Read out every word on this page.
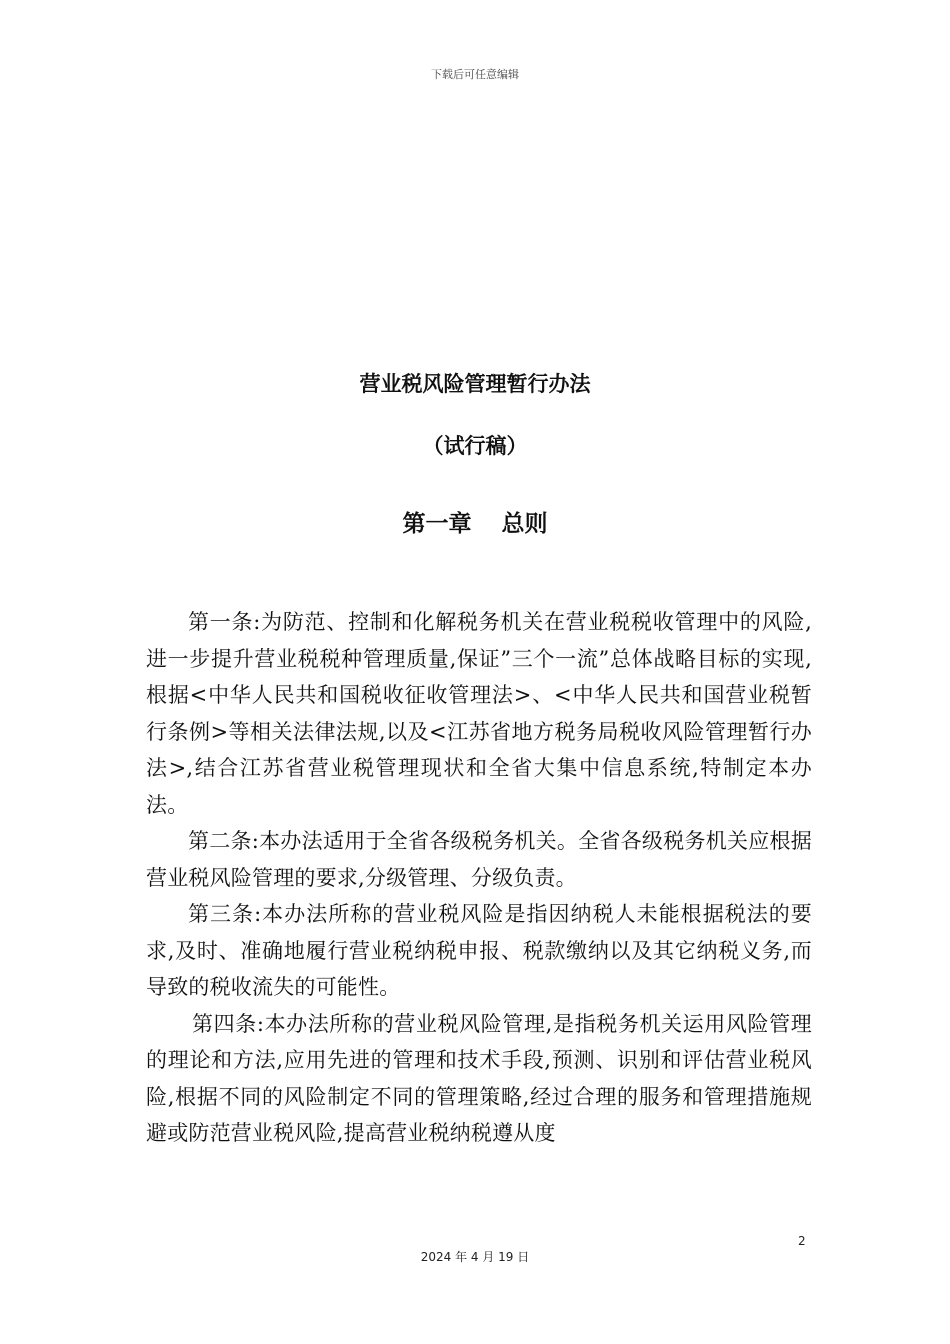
下载后可任意编辑
营业税风险管理暂行办法
（试行稿）
第一章 总则

第一条:为防范、控制和化解税务机关在营业税税收管理中的风险,进一步提升营业税税种管理质量,保证”三个一流”总体战略目标的实现,根据<中华人民共和国税收征收管理法>、<中华人民共和国营业税暂行条例>等相关法律法规,以及<江苏省地方税务局税收风险管理暂行办法>,结合江苏省营业税管理现状和全省大集中信息系统,特制定本办法。

第二条:本办法适用于全省各级税务机关。全省各级税务机关应根据营业税风险管理的要求,分级管理、分级负责。

第三条:本办法所称的营业税风险是指因纳税人未能根据税法的要求,及时、准确地履行营业税纳税申报、税款缴纳以及其它纳税义务,而导致的税收流失的可能性。

第四条:本办法所称的营业税风险管理,是指税务机关运用风险管理的理论和方法,应用先进的管理和技术手段,预测、识别和评估营业税风险,根据不同的风险制定不同的管理策略,经过合理的服务和管理措施规避或防范营业税风险,提高营业税纳税遵从度

2
2024 年 4 月 19 日
